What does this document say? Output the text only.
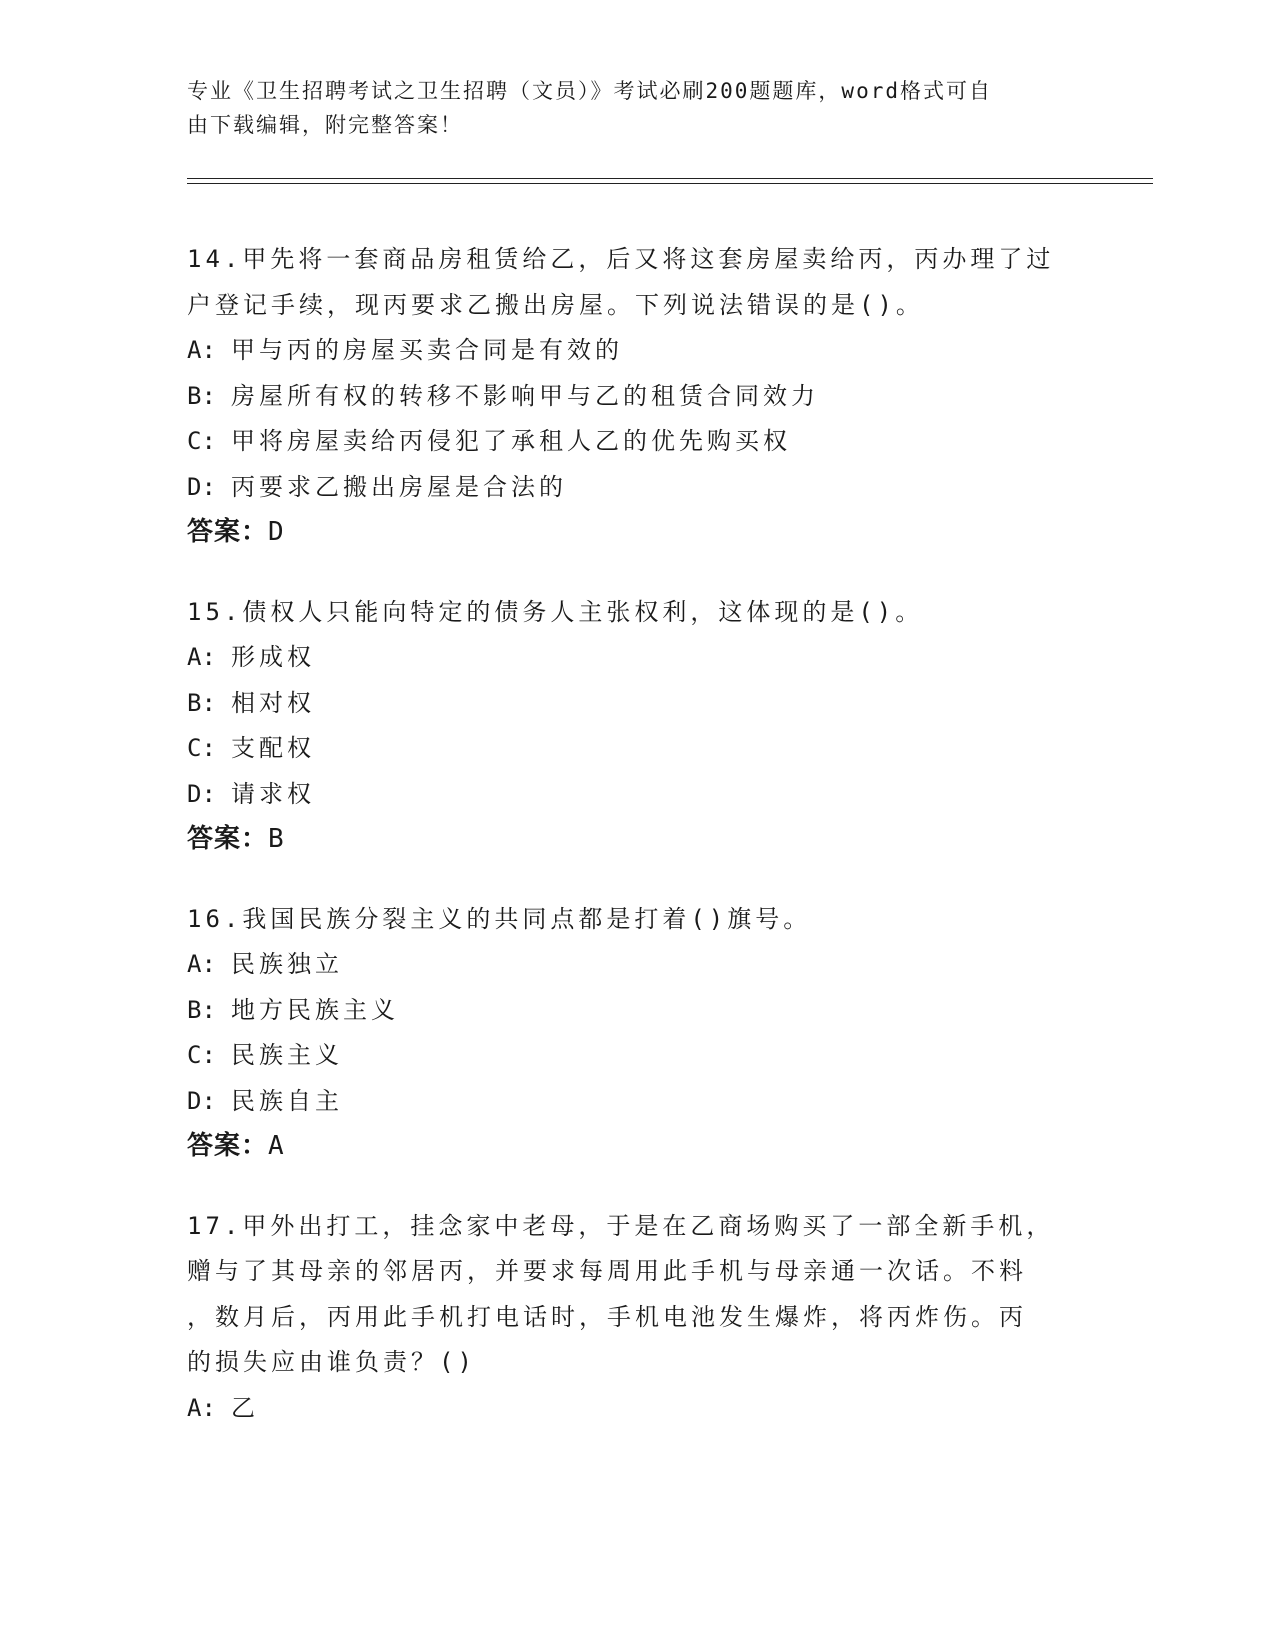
专业《卫生招聘考试之卫生招聘（文员）》考试必刷200题题库，word格式可自
由下载编辑，附完整答案！

14.甲先将一套商品房租赁给乙，后又将这套房屋卖给丙，丙办理了过

户登记手续，现丙要求乙搬出房屋。下列说法错误的是()。

A: 甲与丙的房屋买卖合同是有效的

B: 房屋所有权的转移不影响甲与乙的租赁合同效力

C: 甲将房屋卖给丙侵犯了承租人乙的优先购买权

D: 丙要求乙搬出房屋是合法的

答案：D

15.债权人只能向特定的债务人主张权利，这体现的是()。

A: 形成权

B: 相对权

C: 支配权

D: 请求权

答案：B

16.我国民族分裂主义的共同点都是打着()旗号。

A: 民族独立

B: 地方民族主义

C: 民族主义

D: 民族自主

答案：A

17.甲外出打工，挂念家中老母，于是在乙商场购买了一部全新手机，

赠与了其母亲的邻居丙，并要求每周用此手机与母亲通一次话。不料

，数月后，丙用此手机打电话时，手机电池发生爆炸，将丙炸伤。丙

的损失应由谁负责？()

A: 乙
